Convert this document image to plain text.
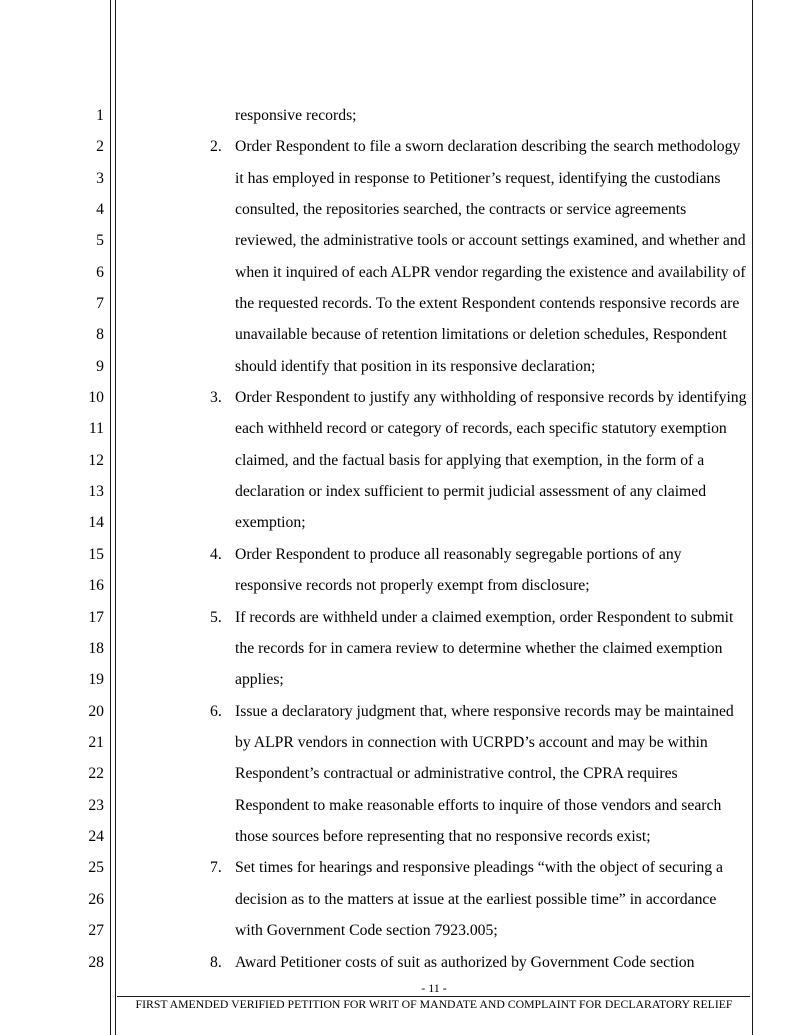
1
2
3
4
5
6
7
8
9
10
11
12
13
14
15
16
17
18
19
20
21
22
23
24
25
26
27
28
responsive records;
2. Order Respondent to file a sworn declaration describing the search methodology
it has employed in response to Petitioner’s request, identifying the custodians
consulted, the repositories searched, the contracts or service agreements
reviewed, the administrative tools or account settings examined, and whether and
when it inquired of each ALPR vendor regarding the existence and availability of
the requested records. To the extent Respondent contends responsive records are
unavailable because of retention limitations or deletion schedules, Respondent
should identify that position in its responsive declaration;
3. Order Respondent to justify any withholding of responsive records by identifying
each withheld record or category of records, each specific statutory exemption
claimed, and the factual basis for applying that exemption, in the form of a
declaration or index sufficient to permit judicial assessment of any claimed
exemption;
4. Order Respondent to produce all reasonably segregable portions of any
responsive records not properly exempt from disclosure;
5. If records are withheld under a claimed exemption, order Respondent to submit
the records for in camera review to determine whether the claimed exemption
applies;
6. Issue a declaratory judgment that, where responsive records may be maintained
by ALPR vendors in connection with UCRPD’s account and may be within
Respondent’s contractual or administrative control, the CPRA requires
Respondent to make reasonable efforts to inquire of those vendors and search
those sources before representing that no responsive records exist;
7. Set times for hearings and responsive pleadings “with the object of securing a
decision as to the matters at issue at the earliest possible time” in accordance
with Government Code section 7923.005;
8. Award Petitioner costs of suit as authorized by Government Code section
- 11 -
FIRST AMENDED VERIFIED PETITION FOR WRIT OF MANDATE AND COMPLAINT FOR DECLARATORY RELIEF
